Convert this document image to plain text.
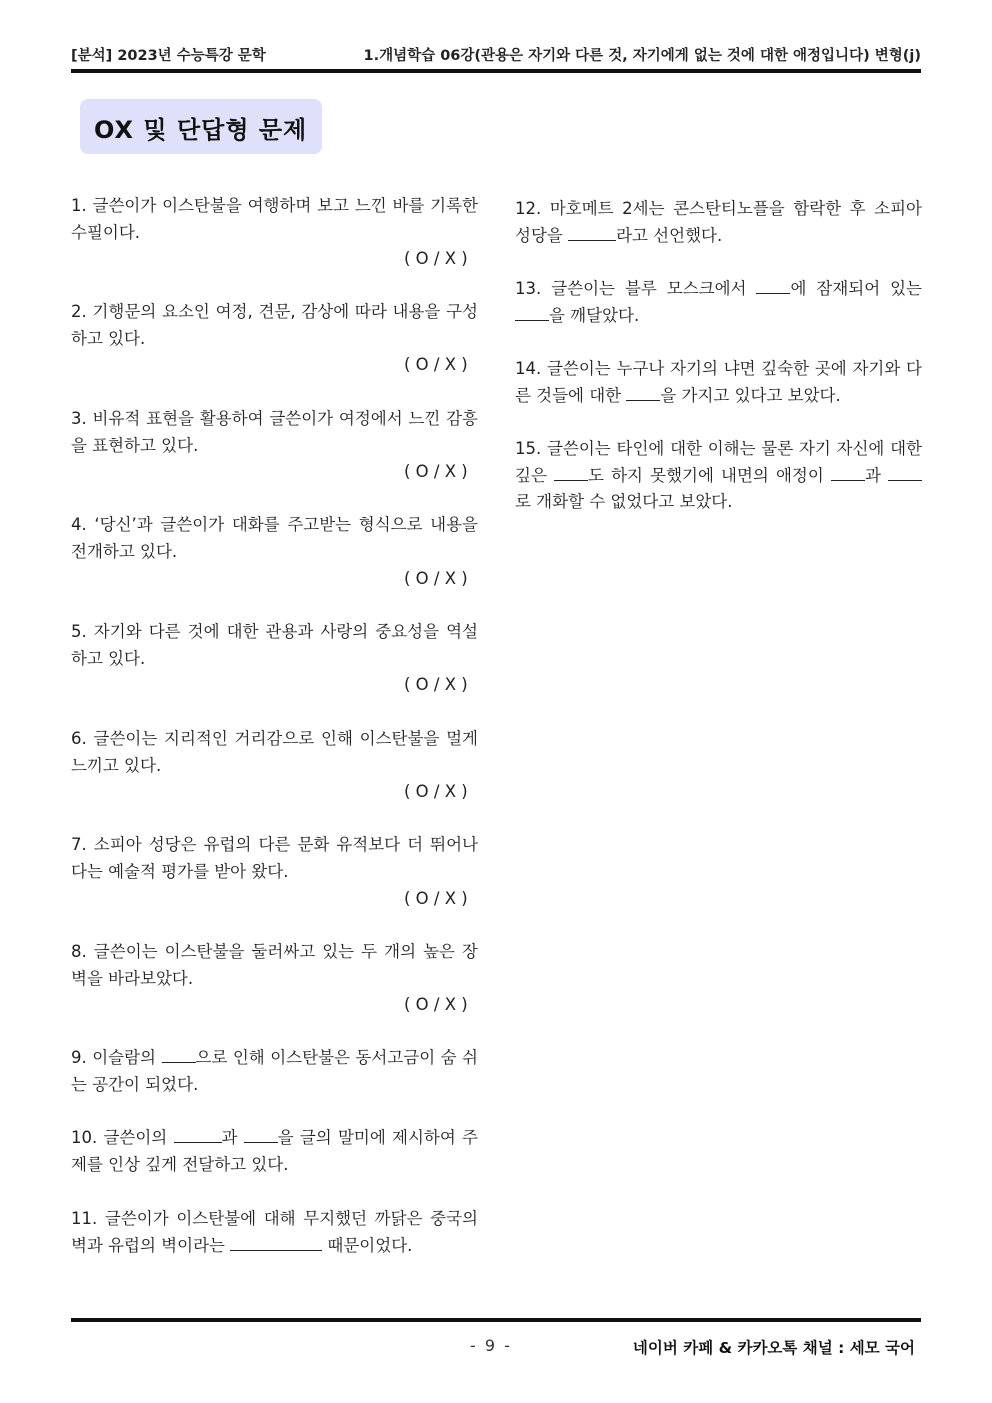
[분석] 2023년 수능특강 문학	1.개념학습 06강(관용은 자기와 다른 것, 자기에게 없는 것에 대한 애정입니다) 변형(j)
OX 및 단답형 문제
1. 글쓴이가 이스탄불을 여행하며 보고 느낀 바를 기록한 수필이다.
( O / X )
2. 기행문의 요소인 여정, 견문, 감상에 따라 내용을 구성하고 있다.
( O / X )
3. 비유적 표현을 활용하여 글쓴이가 여정에서 느낀 감흥을 표현하고 있다.
( O / X )
4. ‘당신’과 글쓴이가 대화를 주고받는 형식으로 내용을 전개하고 있다.
( O / X )
5. 자기와 다른 것에 대한 관용과 사랑의 중요성을 역설하고 있다.
( O / X )
6. 글쓴이는 지리적인 거리감으로 인해 이스탄불을 멀게 느끼고 있다.
( O / X )
7. 소피아 성당은 유럽의 다른 문화 유적보다 더 뛰어나다는 예술적 평가를 받아 왔다.
( O / X )
8. 글쓴이는 이스탄불을 둘러싸고 있는 두 개의 높은 장벽을 바라보았다.
( O / X )
9. 이슬람의 으로 인해 이스탄불은 동서고금이 숨 쉬는 공간이 되었다.
10. 글쓴이의	과 을 글의 말미에 제시하여 주제를 인상 깊게 전달하고 있다.
11. 글쓴이가 이스탄불에 대해 무지했던 까닭은 중국의 벽과 유럽의 벽이라는	때문이었다.
12. 마호메트 2세는 콘스탄티노플을 함락한 후 소피아 성당을	라고 선언했다.
13. 글쓴이는 블루 모스크에서 에 잠재되어 있는 을 깨달았다.
14. 글쓴이는 누구나 자기의 냐면 깊숙한 곳에 자기와 다른 것들에 대한 을 가지고 있다고 보았다.
15. 글쓴이는 타인에 대한 이해는 물론 자기 자신에 대한 깊은 도 하지 못했기에 내면의 애정이 과 로 개화할 수 없었다고 보았다.
- 9 -	네이버 카페 & 카카오톡 채널 : 세모 국어
